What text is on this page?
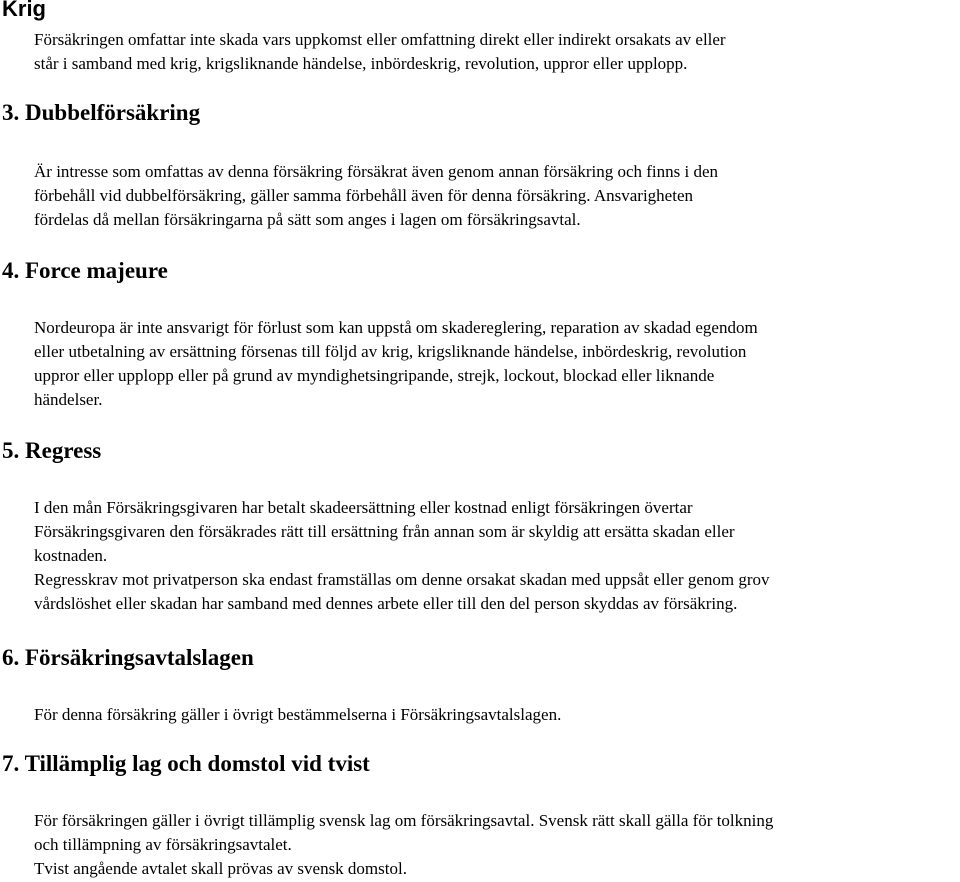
Krig

Försäkringen omfattar inte skada vars uppkomst eller omfattning direkt eller indirekt orsakats av eller
står i samband med krig, krigsliknande händelse, inbördeskrig, revolution, uppror eller upplopp.

3. Dubbelförsäkring

Är intresse som omfattas av denna försäkring försäkrat även genom annan försäkring och finns i den
förbehåll vid dubbelförsäkring, gäller samma förbehåll även för denna försäkring. Ansvarigheten
fördelas då mellan försäkringarna på sätt som anges i lagen om försäkringsavtal.

4. Force majeure

Nordeuropa är inte ansvarigt för förlust som kan uppstå om skadereglering, reparation av skadad egendom
eller utbetalning av ersättning försenas till följd av krig, krigsliknande händelse, inbördeskrig, revolution
uppror eller upplopp eller på grund av myndighetsingripande, strejk, lockout, blockad eller liknande
händelser.

5. Regress

I den mån Försäkringsgivaren har betalt skadeersättning eller kostnad enligt försäkringen övertar
Försäkringsgivaren den försäkrades rätt till ersättning från annan som är skyldig att ersätta skadan eller
kostnaden.
Regresskrav mot privatperson ska endast framställas om denne orsakat skadan med uppsåt eller genom grov
vårdslöshet eller skadan har samband med dennes arbete eller till den del person skyddas av försäkring.

6. Försäkringsavtalslagen

För denna försäkring gäller i övrigt bestämmelserna i Försäkringsavtalslagen.

7. Tillämplig lag och domstol vid tvist

För försäkringen gäller i övrigt tillämplig svensk lag om försäkringsavtal. Svensk rätt skall gälla för tolkning
och tillämpning av försäkringsavtalet.
Tvist angående avtalet skall prövas av svensk domstol.
